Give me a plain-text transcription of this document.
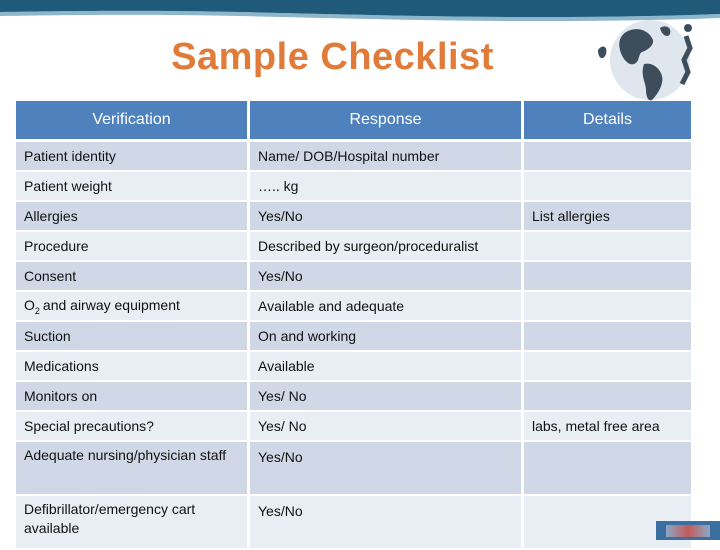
Sample Checklist
Verification	Response	Details
Patient identity	Name/ DOB/Hospital number	
Patient weight	….. kg	
Allergies	Yes/No	List allergies
Procedure	Described by surgeon/proceduralist	
Consent	Yes/No	
$O_2$ and airway equipment	Available and adequate	
Suction	On and working	
Medications	Available	
Monitors on	Yes/ No	
Special precautions?	Yes/ No	labs, metal free area
Adequate nursing/physician staff	Yes/No	
Defibrillator/emergency cart available	Yes/No	
